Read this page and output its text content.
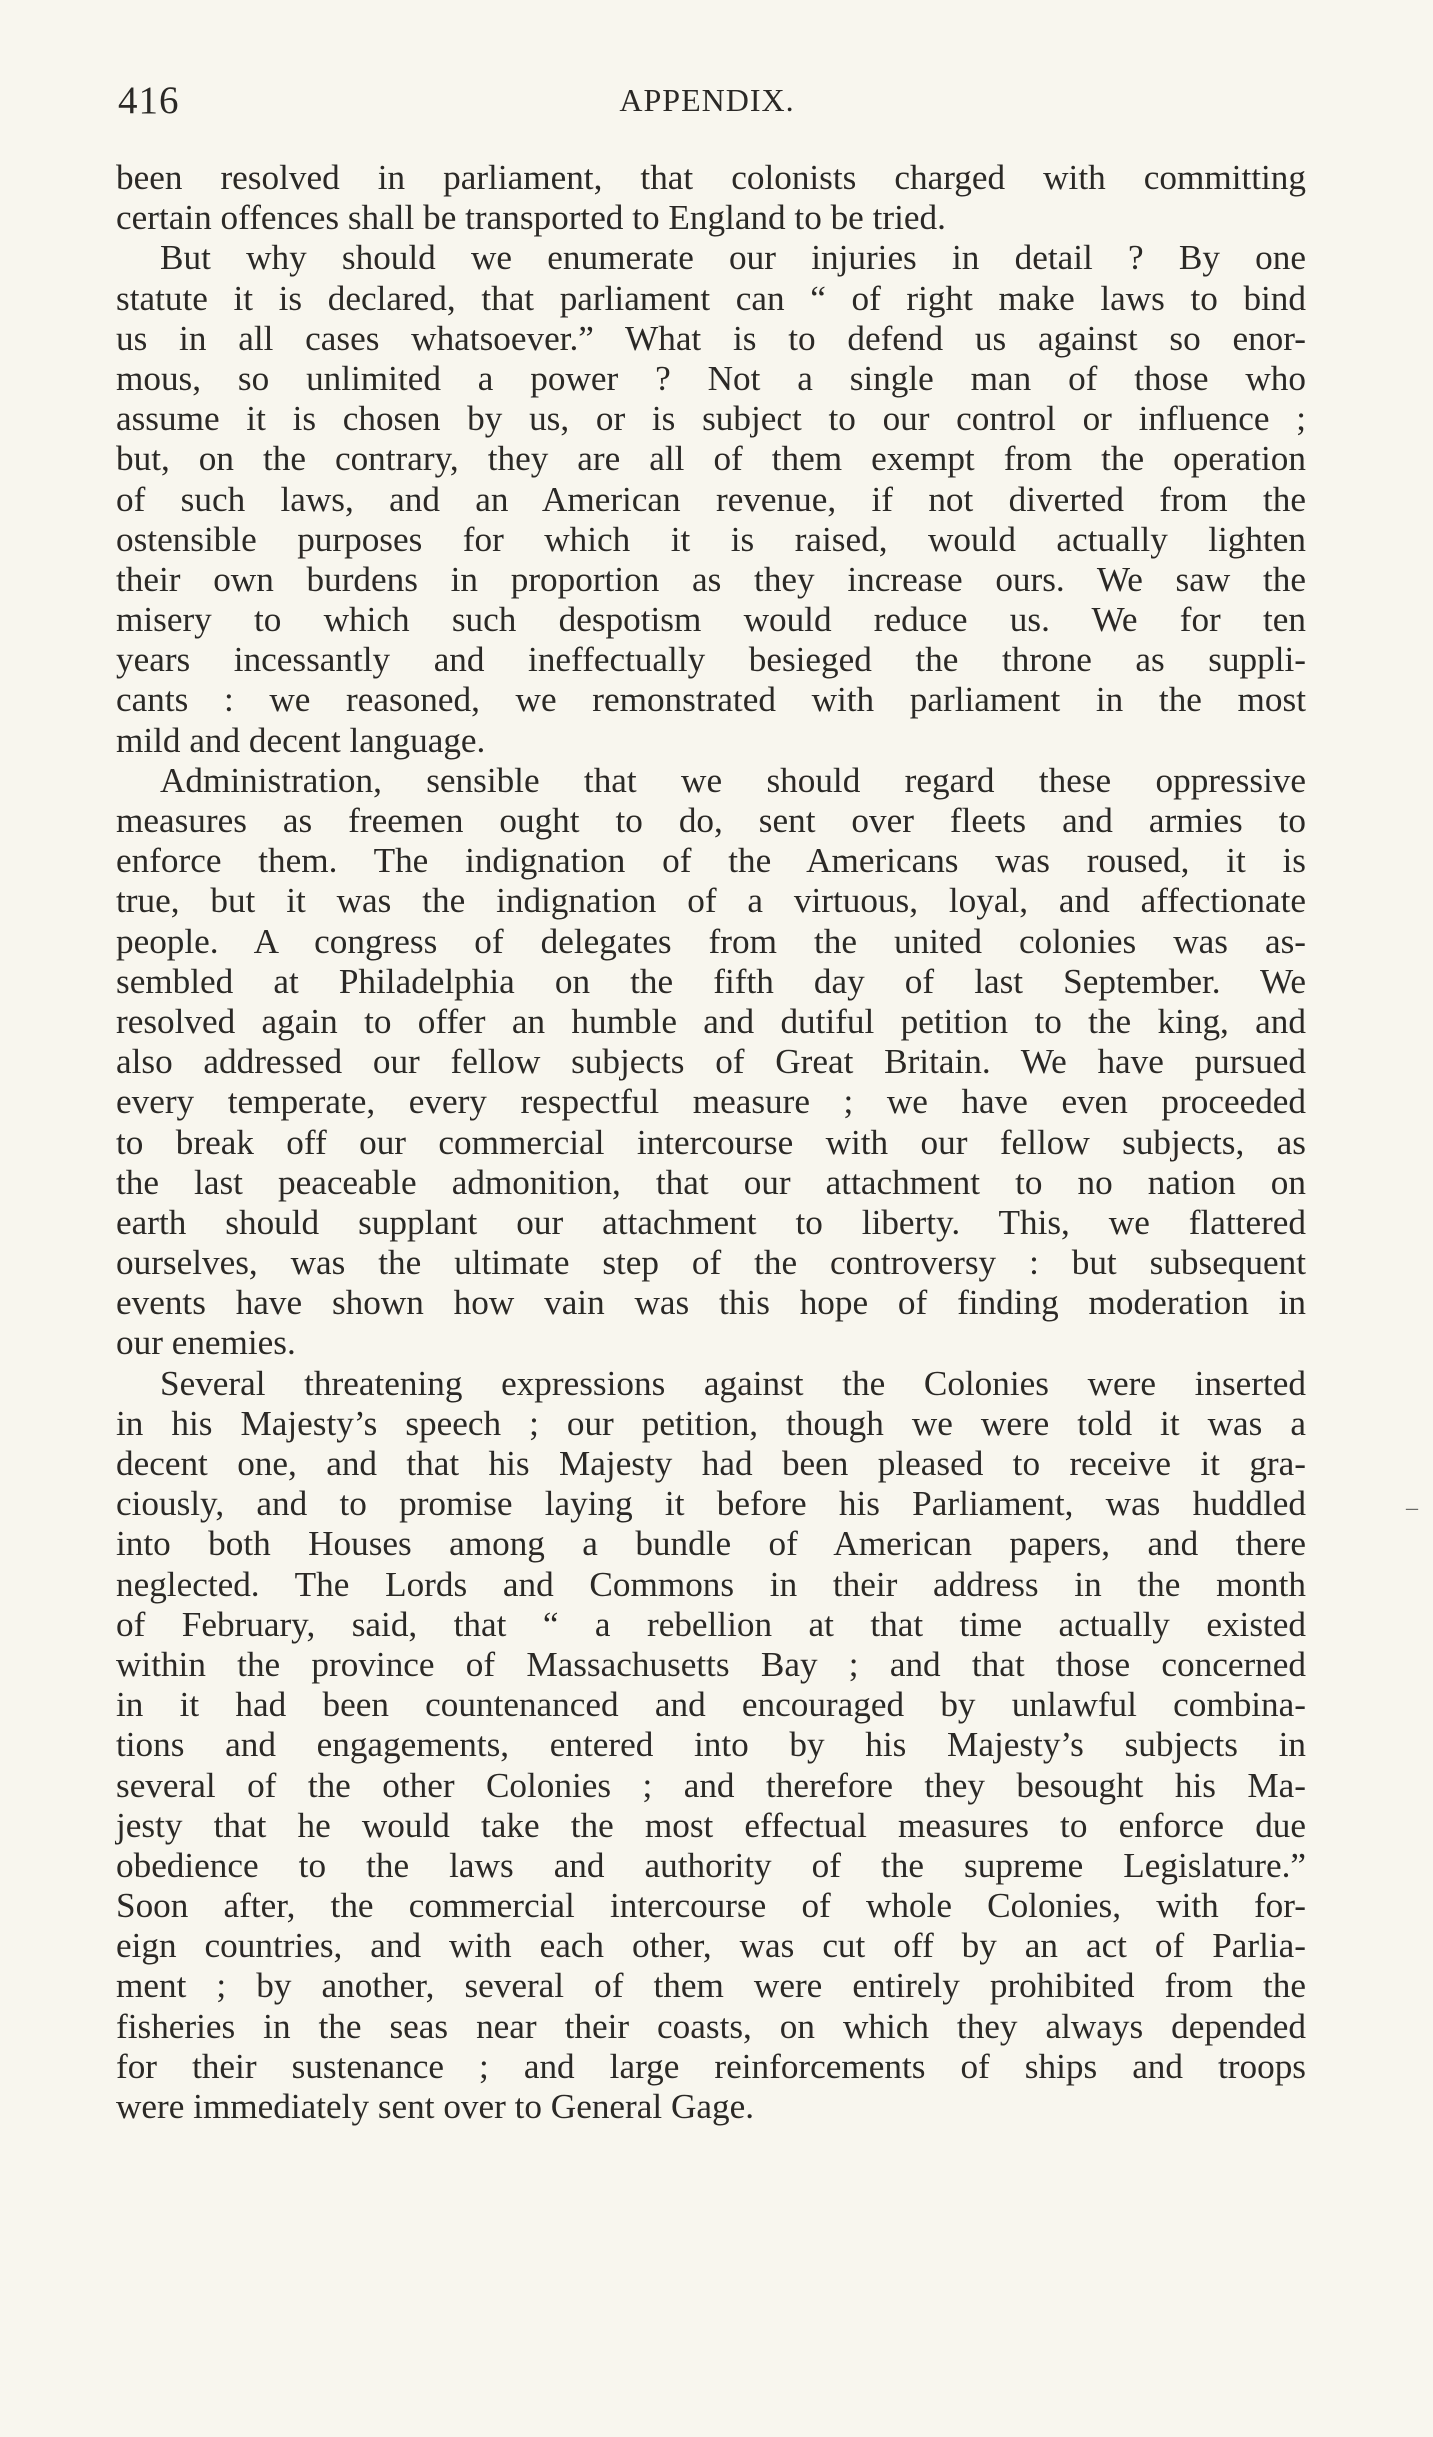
416	APPENDIX.
been resolved in parliament, that colonists charged with committing
certain offences shall be transported to England to be tried.
But why should we enumerate our injuries in detail ? By one
statute it is declared, that parliament can “ of right make laws to bind
us in all cases whatsoever.” What is to defend us against so enor-
mous, so unlimited a power ? Not a single man of those who
assume it is chosen by us, or is subject to our control or influence ;
but, on the contrary, they are all of them exempt from the operation
of such laws, and an American revenue, if not diverted from the
ostensible purposes for which it is raised, would actually lighten
their own burdens in proportion as they increase ours. We saw the
misery to which such despotism would reduce us. We for ten
years incessantly and ineffectually besieged the throne as suppli-
cants : we reasoned, we remonstrated with parliament in the most
mild and decent language.
Administration, sensible that we should regard these oppressive
measures as freemen ought to do, sent over fleets and armies to
enforce them. The indignation of the Americans was roused, it is
true, but it was the indignation of a virtuous, loyal, and affectionate
people. A congress of delegates from the united colonies was as-
sembled at Philadelphia on the fifth day of last September. We
resolved again to offer an humble and dutiful petition to the king, and
also addressed our fellow subjects of Great Britain. We have pursued
every temperate, every respectful measure ; we have even proceeded
to break off our commercial intercourse with our fellow subjects, as
the last peaceable admonition, that our attachment to no nation on
earth should supplant our attachment to liberty. This, we flattered
ourselves, was the ultimate step of the controversy : but subsequent
events have shown how vain was this hope of finding moderation in
our enemies.
Several threatening expressions against the Colonies were inserted
in his Majesty’s speech ; our petition, though we were told it was a
decent one, and that his Majesty had been pleased to receive it gra-
ciously, and to promise laying it before his Parliament, was huddled
into both Houses among a bundle of American papers, and there
neglected. The Lords and Commons in their address in the month
of February, said, that “ a rebellion at that time actually existed
within the province of Massachusetts Bay ; and that those concerned
in it had been countenanced and encouraged by unlawful combina-
tions and engagements, entered into by his Majesty’s subjects in
several of the other Colonies ; and therefore they besought his Ma-
jesty that he would take the most effectual measures to enforce due
obedience to the laws and authority of the supreme Legislature.”
Soon after, the commercial intercourse of whole Colonies, with for-
eign countries, and with each other, was cut off by an act of Parlia-
ment ; by another, several of them were entirely prohibited from the
fisheries in the seas near their coasts, on which they always depended
for their sustenance ; and large reinforcements of ships and troops
were immediately sent over to General Gage.
–
